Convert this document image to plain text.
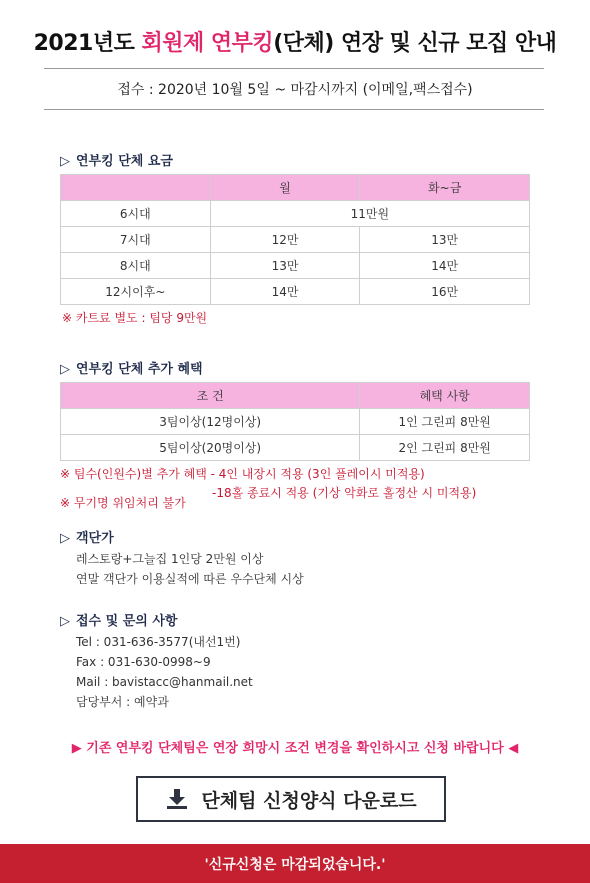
2021년도 회원제 연부킹(단체) 연장 및 신규 모집 안내
접수 : 2020년 10월 5일 ~ 마감시까지 (이메일,팩스접수)
▷ 연부킹 단체 요금
	월	화~금
6시대	11만원	
7시대	12만	13만
8시대	13만	14만
12시이후~	14만	16만
※ 카트료 별도 : 팀당 9만원
▷ 연부킹 단체 추가 혜택
조 건	혜택 사항
3팀이상(12명이상)	1인 그린피 8만원
5팀이상(20명이상)	2인 그린피 8만원
※ 팀수(인원수)별 추가 혜택 - 4인 내장시 적용 (3인 플레이시 미적용)
-18홀 종료시 적용 (기상 악화로 홀정산 시 미적용)
※ 무기명 위임처리 불가
▷ 객단가
레스토랑+그늘집 1인당 2만원 이상
연말 객단가 이용실적에 따른 우수단체 시상
▷ 접수 및 문의 사항
Tel : 031-636-3577(내선1번)
Fax : 031-630-0998~9
Mail : bavistacc@hanmail.net
담당부서 : 예약과
▶ 기존 연부킹 단체팀은 연장 희망시 조건 변경을 확인하시고 신청 바랍니다 ◀
단체팀 신청양식 다운로드
'신규신청은 마감되었습니다.'
